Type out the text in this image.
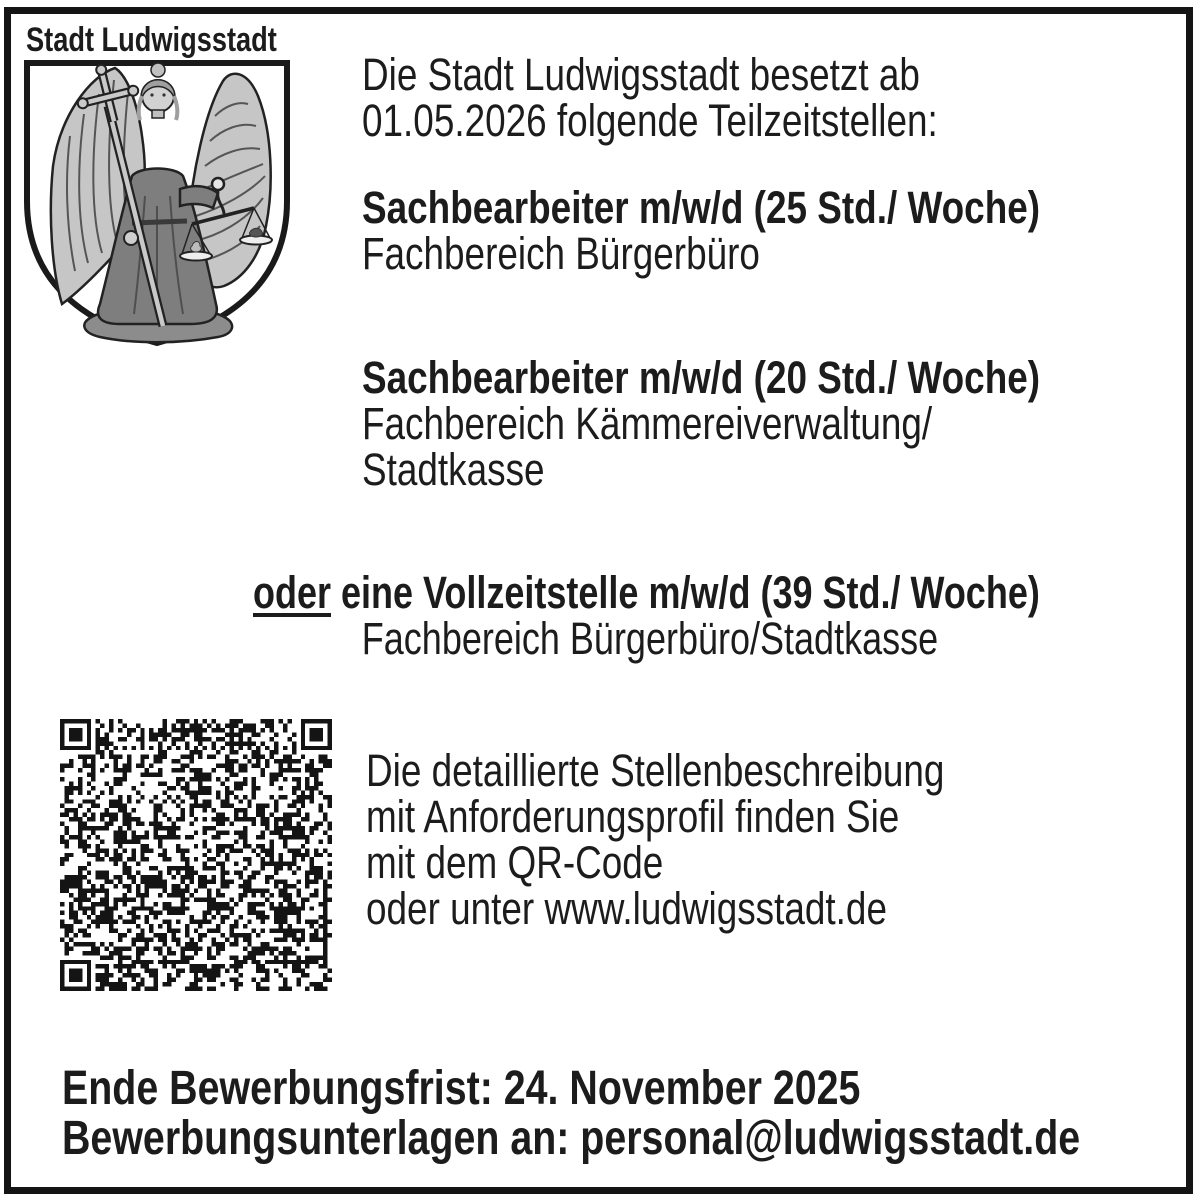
Stadt Ludwigsstadt
Die Stadt Ludwigsstadt besetzt ab
01.05.2026 folgende Teilzeitstellen:
Sachbearbeiter m/w/d (25 Std./ Woche)
Fachbereich Bürgerbüro
Sachbearbeiter m/w/d (20 Std./ Woche)
Fachbereich Kämmereiverwaltung/
Stadtkasse
oder eine Vollzeitstelle m/w/d (39 Std./ Woche)
Fachbereich Bürgerbüro/Stadtkasse
Die detaillierte Stellenbeschreibung
mit Anforderungsprofil finden Sie
mit dem QR-Code
oder unter www.ludwigsstadt.de
Ende Bewerbungsfrist: 24. November 2025
Bewerbungsunterlagen an: personal@ludwigsstadt.de
